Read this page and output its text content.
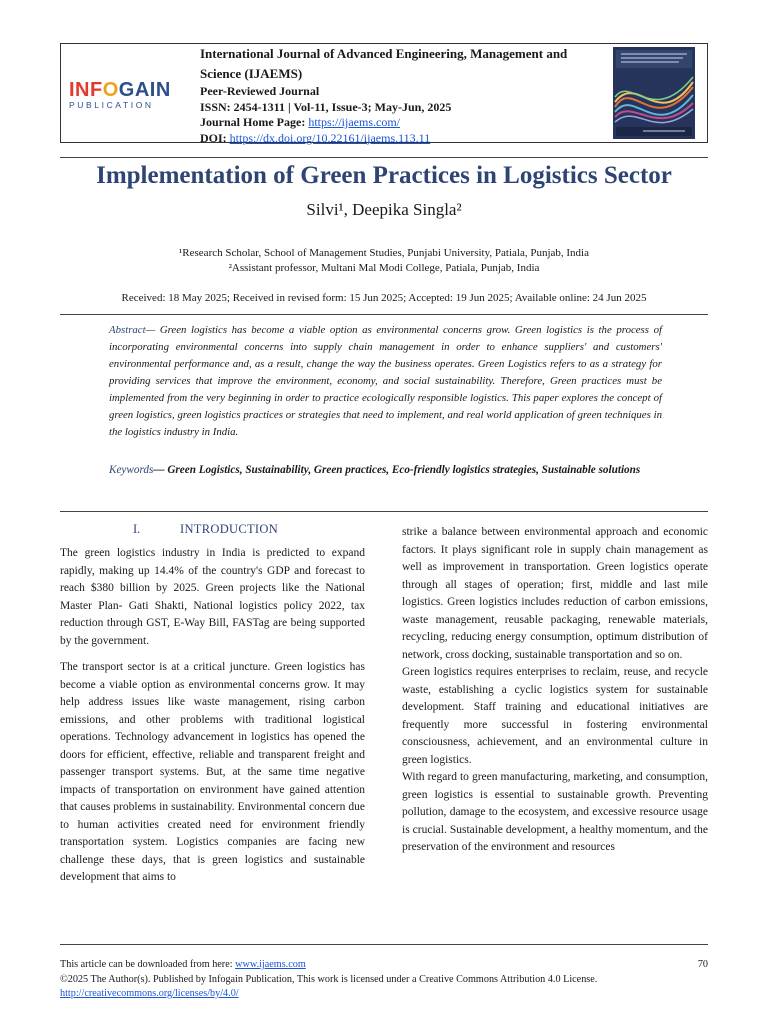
INFOGAIN
PUBLICATION
International Journal of Advanced Engineering, Management and Science (IJAEMS)
Peer-Reviewed Journal
ISSN: 2454-1311 | Vol-11, Issue-3; May-Jun, 2025
Journal Home Page: https://ijaems.com/
DOI: https://dx.doi.org/10.22161/ijaems.113.11
Implementation of Green Practices in Logistics Sector
Silvi¹, Deepika Singla²
¹Research Scholar, School of Management Studies, Punjabi University, Patiala, Punjab, India
²Assistant professor, Multani Mal Modi College, Patiala, Punjab, India
Received: 18 May 2025; Received in revised form: 15 Jun 2025; Accepted: 19 Jun 2025; Available online: 24 Jun 2025
Abstract— Green logistics has become a viable option as environmental concerns grow. Green logistics is the process of incorporating environmental concerns into supply chain management in order to enhance suppliers' and customers' environmental performance and, as a result, change the way the business operates. Green Logistics refers to as a strategy for providing services that improve the environment, economy, and social sustainability. Therefore, Green practices must be implemented from the very beginning in order to practice ecologically responsible logistics. This paper explores the concept of green logistics, green logistics practices or strategies that need to implement, and real world application of green techniques in the logistics industry in India.
Keywords— Green Logistics, Sustainability, Green practices, Eco-friendly logistics strategies, Sustainable solutions
I.	INTRODUCTION

The green logistics industry in India is predicted to expand rapidly, making up 14.4% of the country's GDP and forecast to reach $380 billion by 2025. Green projects like the National Master Plan- Gati Shakti, National logistics policy 2022, tax reduction through GST, E-Way Bill, FASTag are being supported by the government.

The transport sector is at a critical juncture. Green logistics has become a viable option as environmental concerns grow. It may help address issues like waste management, rising carbon emissions, and other problems with traditional logistical operations. Technology advancement in logistics has opened the doors for efficient, effective, reliable and transparent freight and passenger transport systems. But, at the same time negative impacts of transportation on environment have gained attention that causes problems in sustainability. Environmental concern due to human activities created need for environment friendly transportation system. Logistics companies are facing new challenge these days, that is green logistics and sustainable development that aims to

strike a balance between environmental approach and economic factors. It plays significant role in supply chain management as well as improvement in transportation. Green logistics operate through all stages of operation; first, middle and last mile logistics. Green logistics includes reduction of carbon emissions, waste management, reusable packaging, renewable materials, recycling, reducing energy consumption, optimum distribution of network, cross docking, sustainable transportation and so on.

Green logistics requires enterprises to reclaim, reuse, and recycle waste, establishing a cyclic logistics system for sustainable development. Staff training and educational initiatives are frequently more successful in fostering environmental consciousness, achievement, and an environmental culture in green logistics.

With regard to green manufacturing, marketing, and consumption, green logistics is essential to sustainable growth. Preventing pollution, damage to the ecosystem, and excessive resource usage is crucial. Sustainable development, a healthy momentum, and the preservation of the environment and resources

This article can be downloaded from here: www.ijaems.com	70
©2025 The Author(s). Published by Infogain Publication, This work is licensed under a Creative Commons Attribution 4.0 License. http://creativecommons.org/licenses/by/4.0/
